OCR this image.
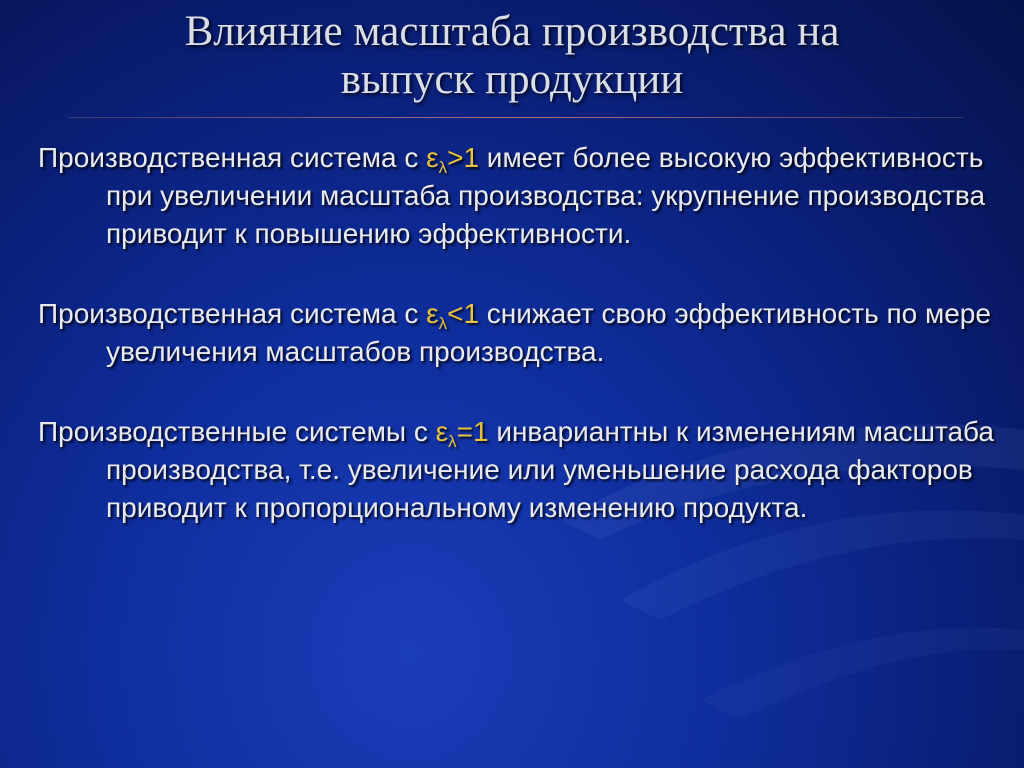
Влияние масштаба производства на
выпуск продукции
Производственная система с $\varepsilon_\lambda>1$ имеет более высокую эффективность при увеличении масштаба производства: укрупнение производства приводит к повышению эффективности.
Производственная система с $\varepsilon_\lambda<1$ снижает свою эффективность по мере увеличения масштабов производства.
Производственные системы с $\varepsilon_\lambda=1$ инвариантны к изменениям масштаба производства, т.е. увеличение или уменьшение расхода факторов приводит к пропорциональному изменению продукта.
